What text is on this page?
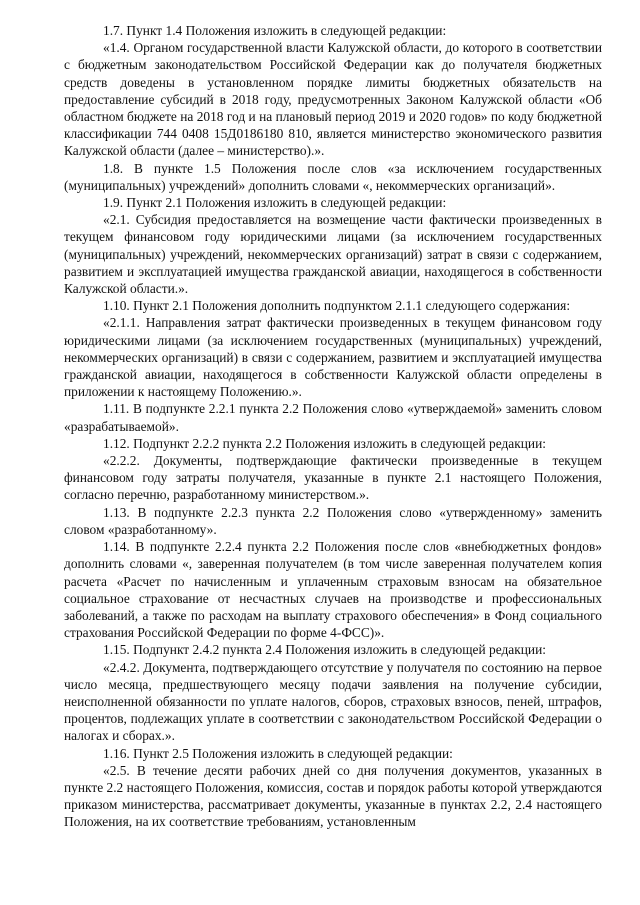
1.7. Пункт 1.4 Положения изложить в следующей редакции:

«1.4. Органом государственной власти Калужской области, до которого в соответствии с бюджетным законодательством Российской Федерации как до получателя бюджетных средств доведены в установленном порядке лимиты бюджетных обязательств на предоставление субсидий в 2018 году, предусмотренных Законом Калужской области «Об областном бюджете на 2018 год и на плановый период 2019 и 2020 годов» по коду бюджетной классификации 744 0408 15Д0186180 810, является министерство экономического развития Калужской области (далее – министерство).».

1.8. В пункте 1.5 Положения после слов «за исключением государственных (муниципальных) учреждений» дополнить словами «, некоммерческих организаций».

1.9. Пункт 2.1 Положения изложить в следующей редакции:

«2.1. Субсидия предоставляется на возмещение части фактически произведенных в текущем финансовом году юридическими лицами (за исключением государственных (муниципальных) учреждений, некоммерческих организаций) затрат в связи с содержанием, развитием и эксплуатацией имущества гражданской авиации, находящегося в собственности Калужской области.».

1.10. Пункт 2.1 Положения дополнить подпунктом 2.1.1 следующего содержания:

«2.1.1. Направления затрат фактически произведенных в текущем финансовом году юридическими лицами (за исключением государственных (муниципальных) учреждений, некоммерческих организаций) в связи с содержанием, развитием и эксплуатацией имущества гражданской авиации, находящегося в собственности Калужской области определены в приложении к настоящему Положению.».

1.11. В подпункте 2.2.1 пункта 2.2 Положения слово «утверждаемой» заменить словом «разрабатываемой».

1.12. Подпункт 2.2.2 пункта 2.2 Положения изложить в следующей редакции:

«2.2.2. Документы, подтверждающие фактически произведенные в текущем финансовом году затраты получателя, указанные в пункте 2.1 настоящего Положения, согласно перечню, разработанному министерством.».

1.13. В подпункте 2.2.3 пункта 2.2 Положения слово «утвержденному» заменить словом «разработанному».

1.14. В подпункте 2.2.4 пункта 2.2 Положения после слов «внебюджетных фондов» дополнить словами «, заверенная получателем (в том числе заверенная получателем копия расчета «Расчет по начисленным и уплаченным страховым взносам на обязательное социальное страхование от несчастных случаев на производстве и профессиональных заболеваний, а также по расходам на выплату страхового обеспечения» в Фонд социального страхования Российской Федерации по форме 4-ФСС)».

1.15. Подпункт 2.4.2 пункта 2.4 Положения изложить в следующей редакции:

«2.4.2. Документа, подтверждающего отсутствие у получателя по состоянию на первое число месяца, предшествующего месяцу подачи заявления на получение субсидии, неисполненной обязанности по уплате налогов, сборов, страховых взносов, пеней, штрафов, процентов, подлежащих уплате в соответствии с законодательством Российской Федерации о налогах и сборах.».

1.16. Пункт 2.5 Положения изложить в следующей редакции:

«2.5. В течение десяти рабочих дней со дня получения документов, указанных в пункте 2.2 настоящего Положения, комиссия, состав и порядок работы которой утверждаются приказом министерства, рассматривает документы, указанные в пунктах 2.2, 2.4 настоящего Положения, на их соответствие требованиям, установленным
